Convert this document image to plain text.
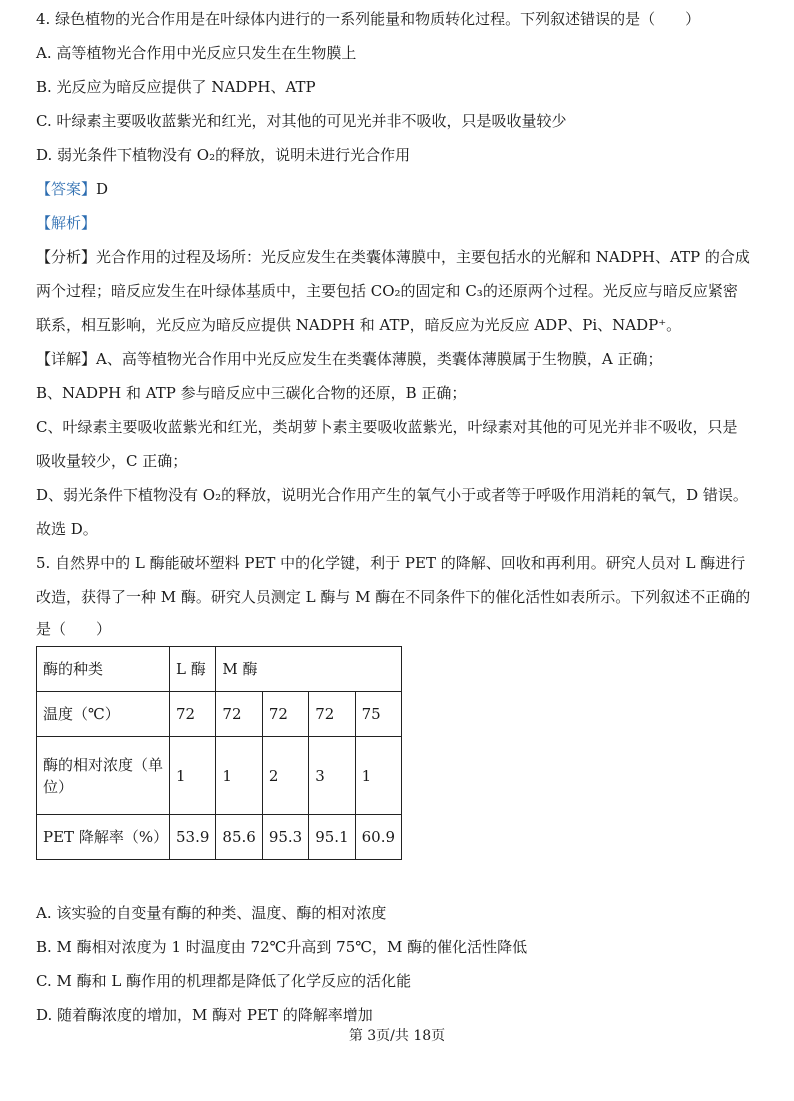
4. 绿色植物的光合作用是在叶绿体内进行的一系列能量和物质转化过程。下列叙述错误的是（　　）
A. 高等植物光合作用中光反应只发生在生物膜上
B. 光反应为暗反应提供了 NADPH、ATP
C. 叶绿素主要吸收蓝紫光和红光，对其他的可见光并非不吸收，只是吸收量较少
D. 弱光条件下植物没有 O₂的释放，说明未进行光合作用
【答案】D
【解析】
【分析】光合作用的过程及场所：光反应发生在类囊体薄膜中，主要包括水的光解和 NADPH、ATP 的合成
两个过程；暗反应发生在叶绿体基质中，主要包括 CO₂的固定和 C₃的还原两个过程。光反应与暗反应紧密
联系，相互影响，光反应为暗反应提供 NADPH 和 ATP，暗反应为光反应 ADP、Pi、NADP⁺。
【详解】A、高等植物光合作用中光反应发生在类囊体薄膜，类囊体薄膜属于生物膜，A 正确；
B、NADPH 和 ATP 参与暗反应中三碳化合物的还原，B 正确；
C、叶绿素主要吸收蓝紫光和红光，类胡萝卜素主要吸收蓝紫光，叶绿素对其他的可见光并非不吸收，只是
吸收量较少，C 正确；
D、弱光条件下植物没有 O₂的释放，说明光合作用产生的氧气小于或者等于呼吸作用消耗的氧气，D 错误。
故选 D。
5. 自然界中的 L 酶能破坏塑料 PET 中的化学键，利于 PET 的降解、回收和再利用。研究人员对 L 酶进行
改造，获得了一种 M 酶。研究人员测定 L 酶与 M 酶在不同条件下的催化活性如表所示。下列叙述不正确的
是（　　）
酶的种类	L 酶	M 酶			
温度（℃）	72	72	72	72	75
酶的相对浓度（单
位）	1	1	2	3	1
PET 降解率（%）	53.9	85.6	95.3	95.1	60.9
A. 该实验的自变量有酶的种类、温度、酶的相对浓度
B. M 酶相对浓度为 1 时温度由 72℃升高到 75℃，M 酶的催化活性降低
C. M 酶和 L 酶作用的机理都是降低了化学反应的活化能
D. 随着酶浓度的增加，M 酶对 PET 的降解率增加
第 3页/共 18页
